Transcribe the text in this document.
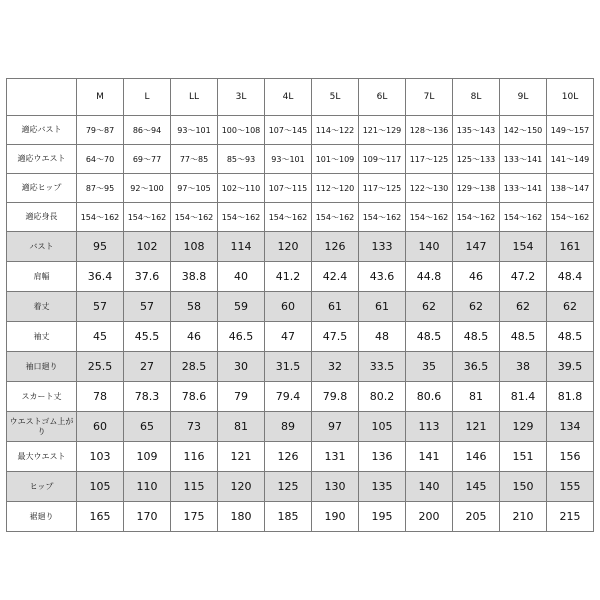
	M	L	LL	3L	4L	5L	6L	7L	8L	9L	10L
適応バスト	79〜87	86〜94	93〜101	100〜108	107〜145	114〜122	121〜129	128〜136	135〜143	142〜150	149〜157
適応ウエスト	64〜70	69〜77	77〜85	85〜93	93〜101	101〜109	109〜117	117〜125	125〜133	133〜141	141〜149
適応ヒップ	87〜95	92〜100	97〜105	102〜110	107〜115	112〜120	117〜125	122〜130	129〜138	133〜141	138〜147
適応身長	154〜162	154〜162	154〜162	154〜162	154〜162	154〜162	154〜162	154〜162	154〜162	154〜162	154〜162
バスト	95	102	108	114	120	126	133	140	147	154	161
肩幅	36.4	37.6	38.8	40	41.2	42.4	43.6	44.8	46	47.2	48.4
着丈	57	57	58	59	60	61	61	62	62	62	62
袖丈	45	45.5	46	46.5	47	47.5	48	48.5	48.5	48.5	48.5
袖口廻り	25.5	27	28.5	30	31.5	32	33.5	35	36.5	38	39.5
スカート丈	78	78.3	78.6	79	79.4	79.8	80.2	80.6	81	81.4	81.8
ウエストゴム上がり	60	65	73	81	89	97	105	113	121	129	134
最大ウエスト	103	109	116	121	126	131	136	141	146	151	156
ヒップ	105	110	115	120	125	130	135	140	145	150	155
裾廻り	165	170	175	180	185	190	195	200	205	210	215
